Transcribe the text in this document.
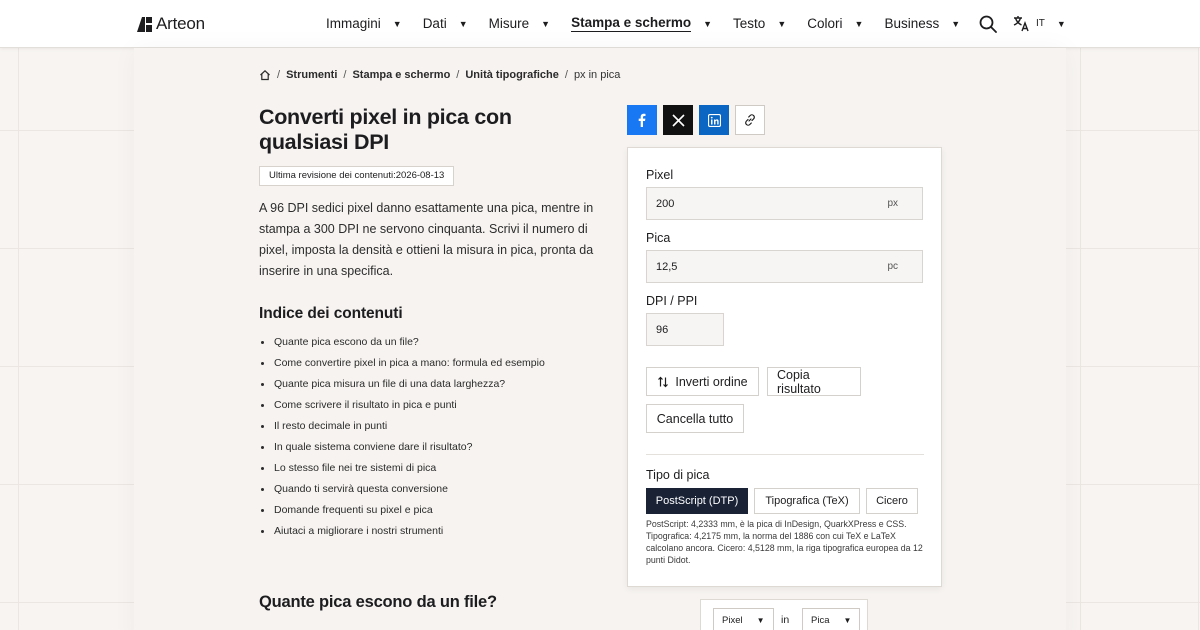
Arteon	Immagini ▼ Dati ▼ Misure ▼ Stampa e schermo ▼ Testo ▼ Colori ▼ Business ▼	IT ▼
/ Strumenti / Stampa e schermo / Unità tipografiche / px in pica
Converti pixel in pica con qualsiasi DPI
Ultima revisione dei contenuti:2026-08-13

A 96 DPI sedici pixel danno esattamente una pica, mentre in stampa a 300 DPI ne servono cinquanta. Scrivi il numero di pixel, imposta la densità e ottieni la misura in pica, pronta da inserire in una specifica.

Indice dei contenuti
Quante pica escono da un file?
Come convertire pixel in pica a mano: formula ed esempio
Quante pica misura un file di una data larghezza?
Come scrivere il risultato in pica e punti
Il resto decimale in punti
In quale sistema conviene dare il risultato?
Lo stesso file nei tre sistemi di pica
Quando ti servirà questa conversione
Domande frequenti su pixel e pica
Aiutaci a migliorare i nostri strumenti
Quante pica escono da un file?
Pixel
200	px
Pica
12,5	pc
DPI / PPI
96
Inverti ordine Copia risultato
Cancella tutto
Tipo di pica
PostScript (DTP) Tipografica (TeX) Cicero

PostScript: 4,2333 mm, è la pica di InDesign, QuarkXPress e CSS. Tipografica: 4,2175 mm, la norma del 1886 con cui TeX e LaTeX calcolano ancora. Cicero: 4,5128 mm, la riga tipografica europea da 12 punti Didot.

Pixel ▼ in Pica ▼
